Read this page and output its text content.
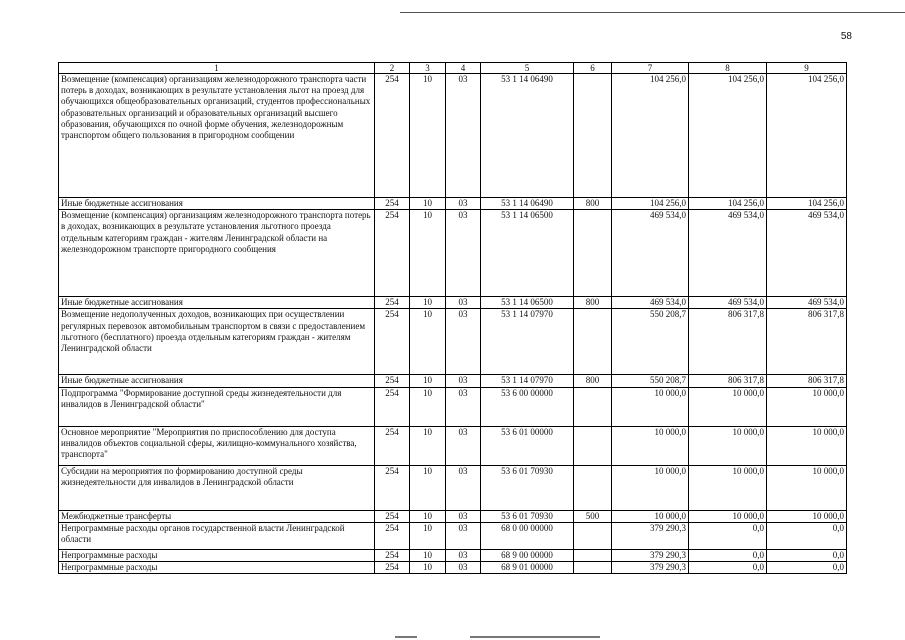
58
1	2	3	4	5	6	7	8	9
Возмещение (компенсация) организациям железнодорожного транспорта части потерь в доходах, возникающих в результате установления льгот на проезд для обучающихся общеобразовательных организаций, студентов профессиональных образовательных организаций и образовательных организаций высшего образования, обучающихся по очной форме обучения, железнодорожным транспортом общего пользования в пригородном сообщении	254	10	03	53 1 14 06490		104 256,0	104 256,0	104 256,0
Иные бюджетные ассигнования	254	10	03	53 1 14 06490	800	104 256,0	104 256,0	104 256,0
Возмещение (компенсация) организациям железнодорожного транспорта потерь в доходах, возникающих в результате установления льготного проезда отдельным категориям граждан - жителям Ленинградской области на железнодорожном транспорте пригородного сообщения	254	10	03	53 1 14 06500		469 534,0	469 534,0	469 534,0
Иные бюджетные ассигнования	254	10	03	53 1 14 06500	800	469 534,0	469 534,0	469 534,0
Возмещение недополученных доходов, возникающих при осуществлении регулярных перевозок автомобильным транспортом в связи с предоставлением льготного (бесплатного) проезда отдельным категориям граждан - жителям Ленинградской области	254	10	03	53 1 14 07970		550 208,7	806 317,8	806 317,8
Иные бюджетные ассигнования	254	10	03	53 1 14 07970	800	550 208,7	806 317,8	806 317,8
Подпрограмма "Формирование доступной среды жизнедеятельности для инвалидов в Ленинградской области"	254	10	03	53 6 00 00000		10 000,0	10 000,0	10 000,0
Основное мероприятие "Мероприятия по приспособлению для доступа инвалидов объектов социальной сферы, жилищно-коммунального хозяйства, транспорта"	254	10	03	53 6 01 00000		10 000,0	10 000,0	10 000,0
Субсидии на мероприятия по формированию доступной среды жизнедеятельности для инвалидов в Ленинградской области	254	10	03	53 6 01 70930		10 000,0	10 000,0	10 000,0
Межбюджетные трансферты	254	10	03	53 6 01 70930	500	10 000,0	10 000,0	10 000,0
Непрограммные расходы органов государственной власти Ленинградской области	254	10	03	68 0 00 00000		379 290,3	0,0	0,0
Непрограммные расходы	254	10	03	68 9 00 00000		379 290,3	0,0	0,0
Непрограммные расходы	254	10	03	68 9 01 00000		379 290,3	0,0	0,0
